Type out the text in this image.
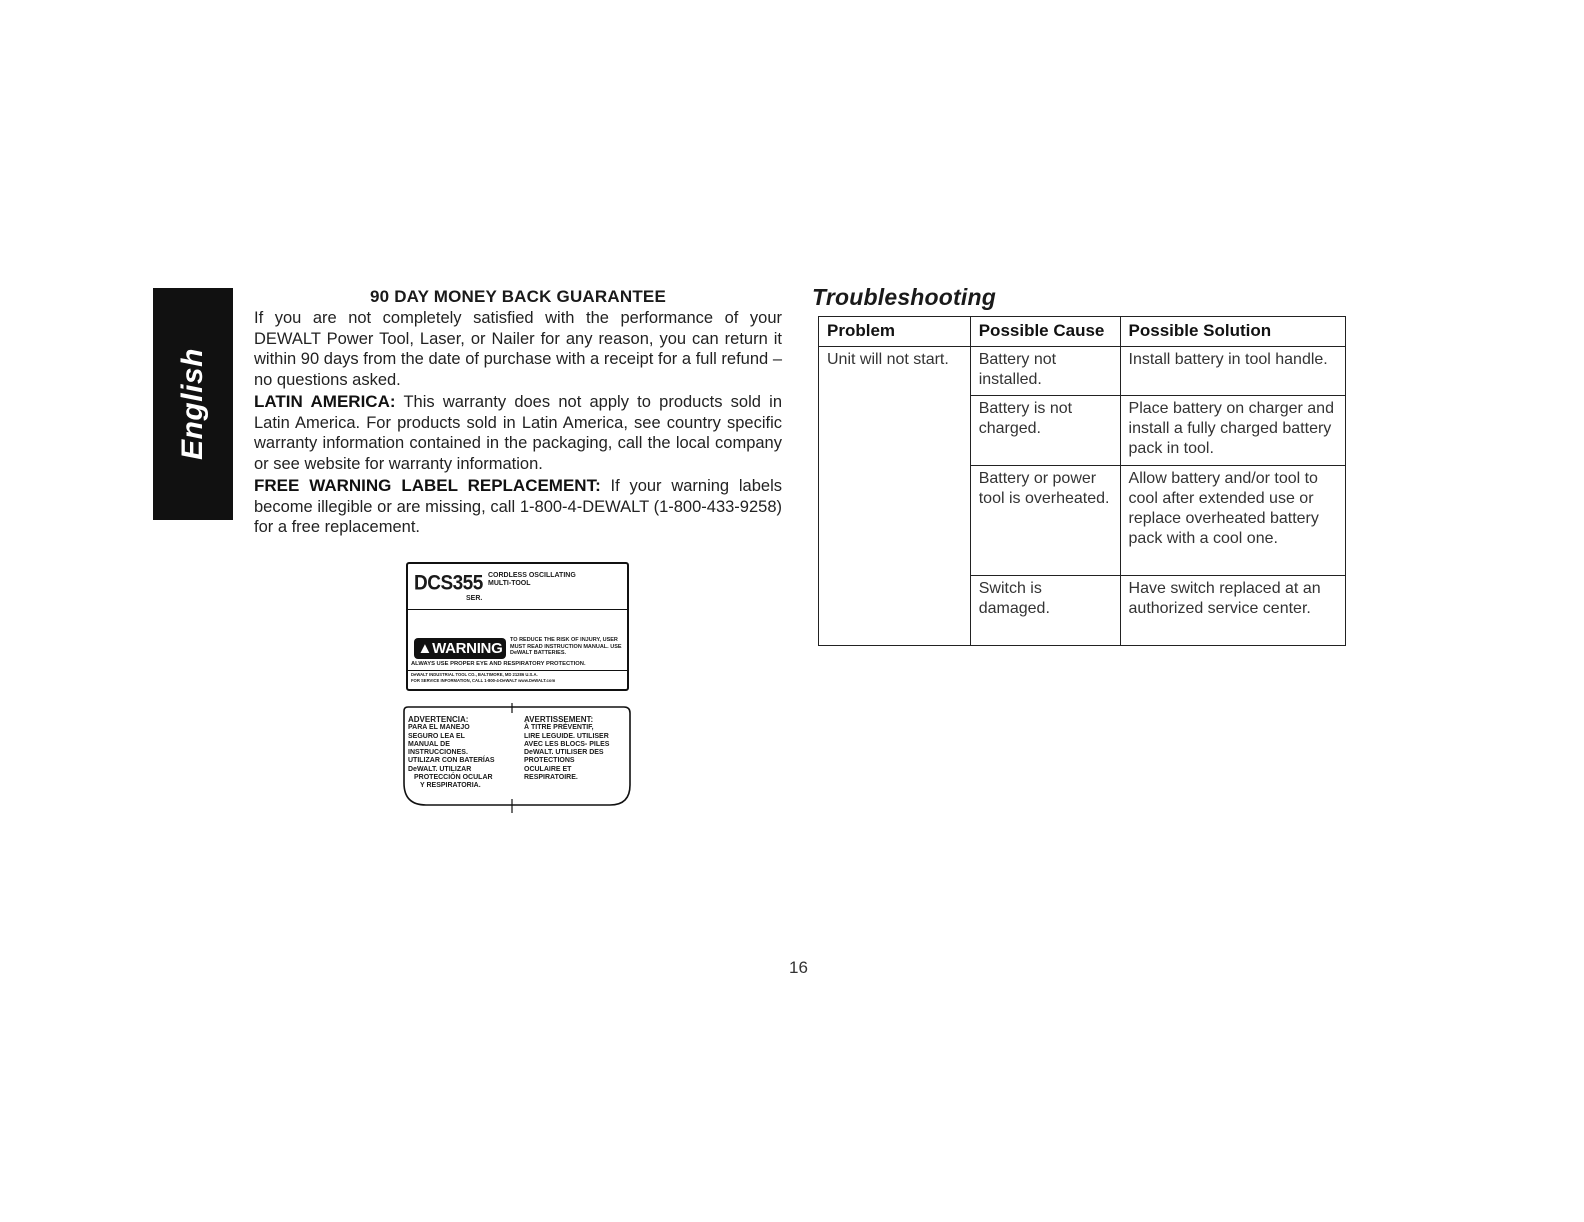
English
90 DAY MONEY BACK GUARANTEE

If you are not completely satisfied with the performance of your DEWALT Power Tool, Laser, or Nailer for any reason, you can return it within 90 days from the date of purchase with a receipt for a full refund – no questions asked.

LATIN AMERICA: This warranty does not apply to products sold in Latin America. For products sold in Latin America, see country specific warranty information contained in the packaging, call the local company or see website for warranty information.

FREE WARNING LABEL REPLACEMENT: If your warning labels become illegible or are missing, call 1-800-4-DEWALT (1-800-433-9258) for a free replacement.

DCS355 CORDLESS OSCILLATING
MULTI-TOOL
SER.
▲WARNING	TO REDUCE THE RISK OF INJURY, USER MUST READ INSTRUCTION MANUAL. USE DeWALT BATTERIES.
ALWAYS USE PROPER EYE AND RESPIRATORY PROTECTION.
DeWALT INDUSTRIAL TOOL CO., BALTIMORE, MD 21286 U.S.A.
FOR SERVICE INFORMATION, CALL 1-800-4-DeWALT www.DeWALT.com
ADVERTENCIA:
PARA EL MANEJO
SEGURO LEA EL
MANUAL DE
INSTRUCCIONES.
UTILIZAR CON BATERÍAS
DeWALT. UTILIZAR
PROTECCIÓN OCULAR
Y RESPIRATORIA.
AVERTISSEMENT:
À TITRE PRÉVENTIF,
LIRE LEGUIDE. UTILISER
AVEC LES BLOCS- PILES
DeWALT. UTILISER DES
PROTECTIONS
OCULAIRE ET
RESPIRATOIRE.
Troubleshooting
Problem	Possible Cause	Possible Solution
Unit will not start.	Battery not installed.	Install battery in tool handle.
	Battery is not charged.	Place battery on charger and install a fully charged battery pack in tool.
	Battery or power tool is overheated.	Allow battery and/or tool to cool after extended use or replace overheated battery pack with a cool one.
	Switch is damaged.	Have switch replaced at an authorized service center.
16
